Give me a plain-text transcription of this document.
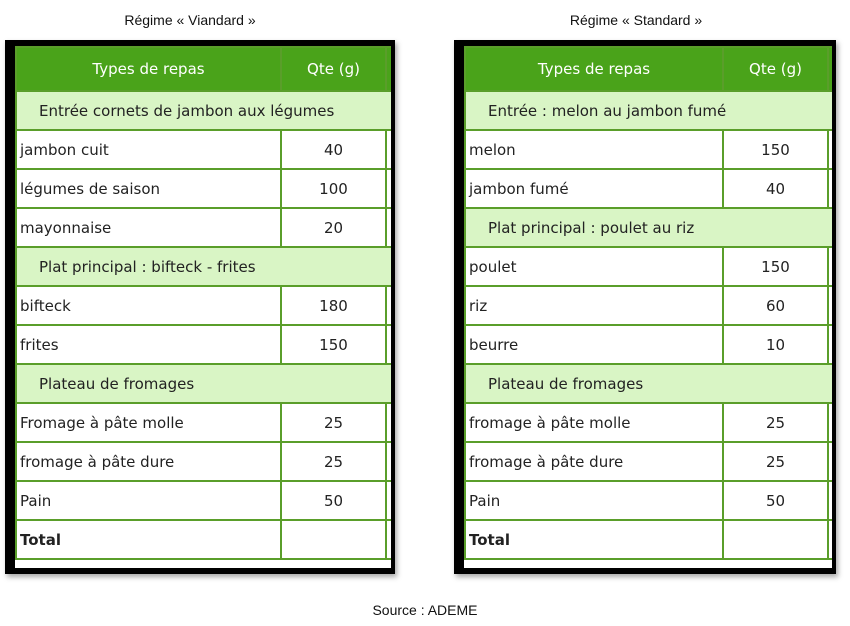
Régime « Viandard »	Régime « Standard »
Types de repas	Qte (g)	
Entrée cornets de jambon aux légumes		
jambon cuit	40	
légumes de saison	100	
mayonnaise	20	
Plat principal : bifteck - frites		
bifteck	180	
frites	150	
Plateau de fromages		
Fromage à pâte molle	25	
fromage à pâte dure	25	
Pain	50	
Total		
Types de repas	Qte (g)	
Entrée : melon au jambon fumé		
melon	150	
jambon fumé	40	
Plat principal : poulet au riz		
poulet	150	
riz	60	
beurre	10	
Plateau de fromages		
fromage à pâte molle	25	
fromage à pâte dure	25	
Pain	50	
Total		
Source : ADEME
